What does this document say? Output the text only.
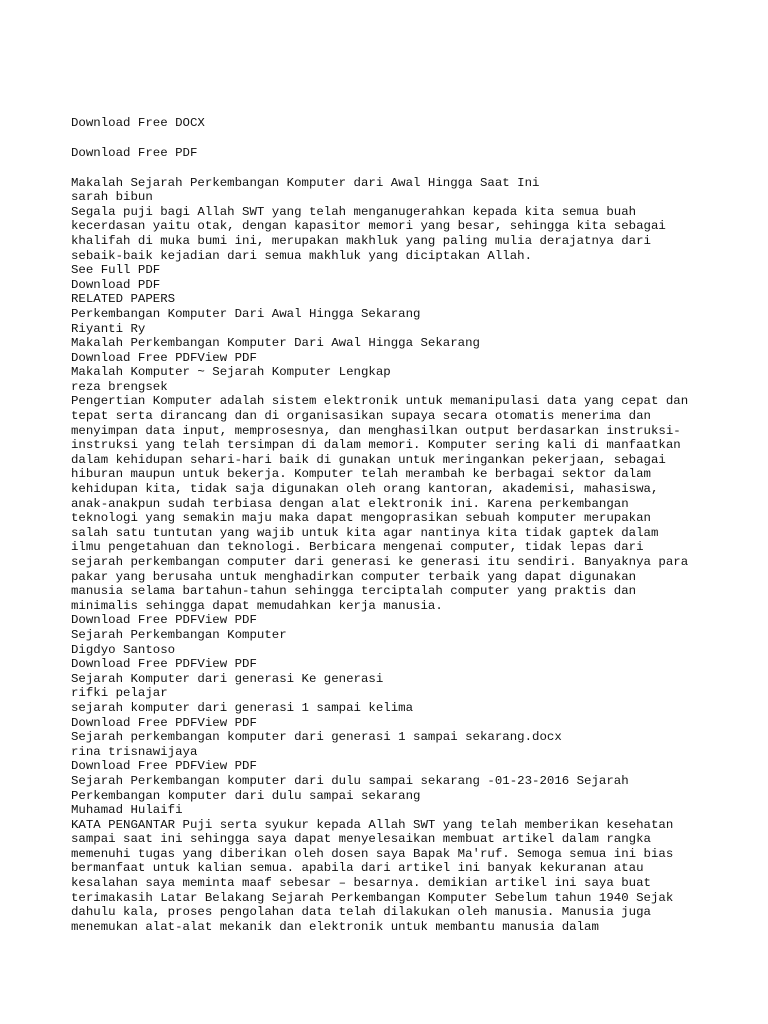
Download Free DOCX
Download Free PDF
Makalah Sejarah Perkembangan Komputer dari Awal Hingga Saat Ini
sarah bibun
Segala puji bagi Allah SWT yang telah menganugerahkan kepada kita semua buah
kecerdasan yaitu otak, dengan kapasitor memori yang besar, sehingga kita sebagai
khalifah di muka bumi ini, merupakan makhluk yang paling mulia derajatnya dari
sebaik-baik kejadian dari semua makhluk yang diciptakan Allah.
See Full PDF
Download PDF
RELATED PAPERS
Perkembangan Komputer Dari Awal Hingga Sekarang
Riyanti Ry
Makalah Perkembangan Komputer Dari Awal Hingga Sekarang
Download Free PDFView PDF
Makalah Komputer ~ Sejarah Komputer Lengkap
reza brengsek
Pengertian Komputer adalah sistem elektronik untuk memanipulasi data yang cepat dan
tepat serta dirancang dan di organisasikan supaya secara otomatis menerima dan
menyimpan data input, memprosesnya, dan menghasilkan output berdasarkan instruksi-
instruksi yang telah tersimpan di dalam memori. Komputer sering kali di manfaatkan
dalam kehidupan sehari-hari baik di gunakan untuk meringankan pekerjaan, sebagai
hiburan maupun untuk bekerja. Komputer telah merambah ke berbagai sektor dalam
kehidupan kita, tidak saja digunakan oleh orang kantoran, akademisi, mahasiswa,
anak-anakpun sudah terbiasa dengan alat elektronik ini. Karena perkembangan
teknologi yang semakin maju maka dapat mengoprasikan sebuah komputer merupakan
salah satu tuntutan yang wajib untuk kita agar nantinya kita tidak gaptek dalam
ilmu pengetahuan dan teknologi. Berbicara mengenai computer, tidak lepas dari
sejarah perkembangan computer dari generasi ke generasi itu sendiri. Banyaknya para
pakar yang berusaha untuk menghadirkan computer terbaik yang dapat digunakan
manusia selama bartahun-tahun sehingga terciptalah computer yang praktis dan
minimalis sehingga dapat memudahkan kerja manusia.
Download Free PDFView PDF
Sejarah Perkembangan Komputer
Digdyo Santoso
Download Free PDFView PDF
Sejarah Komputer dari generasi Ke generasi
rifki pelajar
sejarah komputer dari generasi 1 sampai kelima
Download Free PDFView PDF
Sejarah perkembangan komputer dari generasi 1 sampai sekarang.docx
rina trisnawijaya
Download Free PDFView PDF
Sejarah Perkembangan komputer dari dulu sampai sekarang -01-23-2016 Sejarah
Perkembangan komputer dari dulu sampai sekarang
Muhamad Hulaifi
KATA PENGANTAR Puji serta syukur kepada Allah SWT yang telah memberikan kesehatan
sampai saat ini sehingga saya dapat menyelesaikan membuat artikel dalam rangka
memenuhi tugas yang diberikan oleh dosen saya Bapak Ma'ruf. Semoga semua ini bias
bermanfaat untuk kalian semua. apabila dari artikel ini banyak kekuranan atau
kesalahan saya meminta maaf sebesar – besarnya. demikian artikel ini saya buat
terimakasih Latar Belakang Sejarah Perkembangan Komputer Sebelum tahun 1940 Sejak
dahulu kala, proses pengolahan data telah dilakukan oleh manusia. Manusia juga
menemukan alat-alat mekanik dan elektronik untuk membantu manusia dalam
